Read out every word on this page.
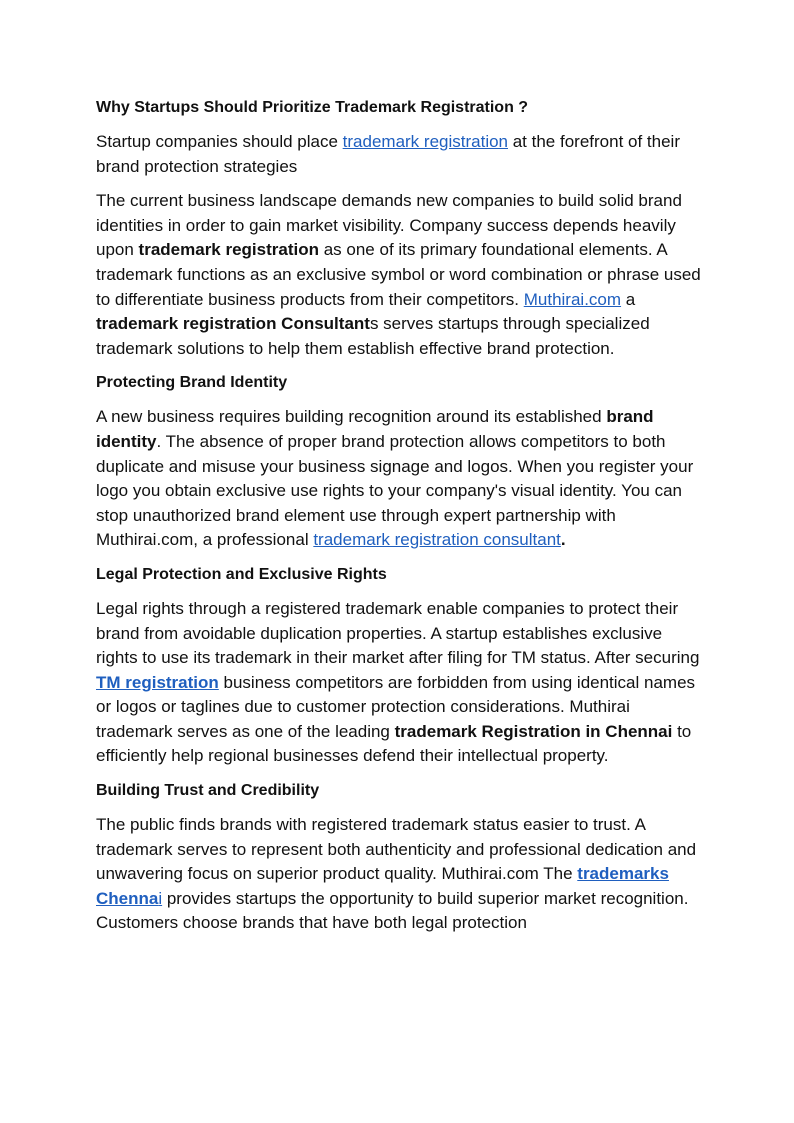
Why Startups Should Prioritize Trademark Registration ?

Startup companies should place trademark registration at the forefront of their brand protection strategies

The current business landscape demands new companies to build solid brand identities in order to gain market visibility. Company success depends heavily upon trademark registration as one of its primary foundational elements. A trademark functions as an exclusive symbol or word combination or phrase used to differentiate business products from their competitors. Muthirai.com a trademark registration Consultants serves startups through specialized trademark solutions to help them establish effective brand protection.

Protecting Brand Identity

A new business requires building recognition around its established brand identity. The absence of proper brand protection allows competitors to both duplicate and misuse your business signage and logos. When you register your logo you obtain exclusive use rights to your company's visual identity. You can stop unauthorized brand element use through expert partnership with Muthirai.com, a professional trademark registration consultant.

Legal Protection and Exclusive Rights

Legal rights through a registered trademark enable companies to protect their brand from avoidable duplication properties. A startup establishes exclusive rights to use its trademark in their market after filing for TM status. After securing TM registration business competitors are forbidden from using identical names or logos or taglines due to customer protection considerations. Muthirai trademark serves as one of the leading trademark Registration in Chennai to efficiently help regional businesses defend their intellectual property.

Building Trust and Credibility

The public finds brands with registered trademark status easier to trust. A trademark serves to represent both authenticity and professional dedication and unwavering focus on superior product quality. Muthirai.com The trademarks Chennai provides startups the opportunity to build superior market recognition. Customers choose brands that have both legal protection
